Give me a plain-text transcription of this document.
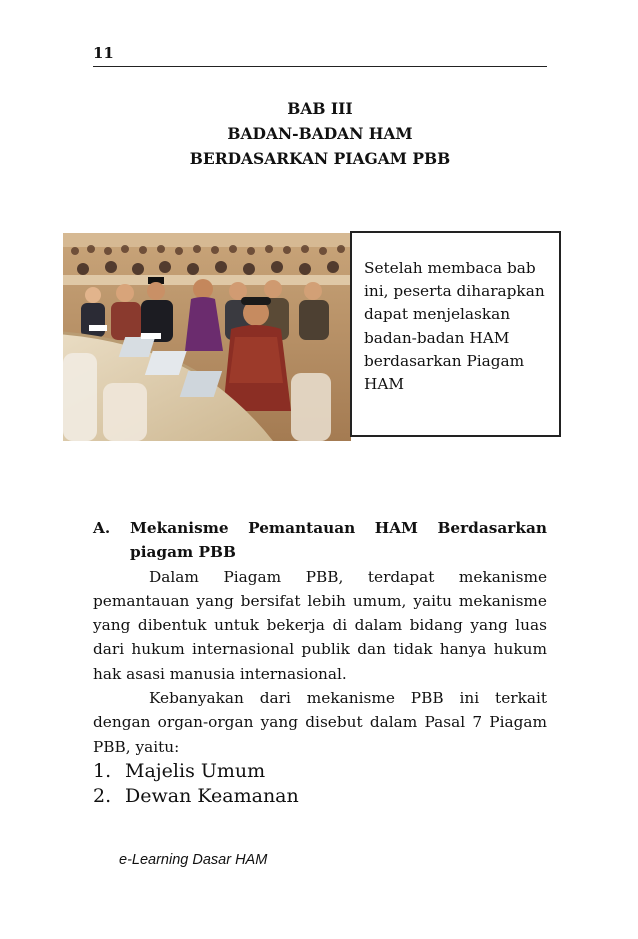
11
BAB III
BADAN-BADAN HAM
BERDASARKAN PIAGAM PBB
Setelah membaca bab ini, peserta diharapkan dapat menjelaskan badan-badan HAM berdasarkan Piagam HAM
A.	Mekanisme Pemantauan HAM Berdasarkan piagam PBB

Dalam Piagam PBB, terdapat mekanisme pemantauan yang bersifat lebih umum, yaitu mekanisme yang dibentuk untuk bekerja di dalam bidang yang luas dari hukum internasional publik dan tidak hanya hukum hak asasi manusia internasional.

Kebanyakan dari mekanisme PBB ini terkait dengan organ-organ yang disebut dalam Pasal 7 Piagam PBB, yaitu:

1. Majelis Umum
2. Dewan Keamanan
e-Learning Dasar HAM
